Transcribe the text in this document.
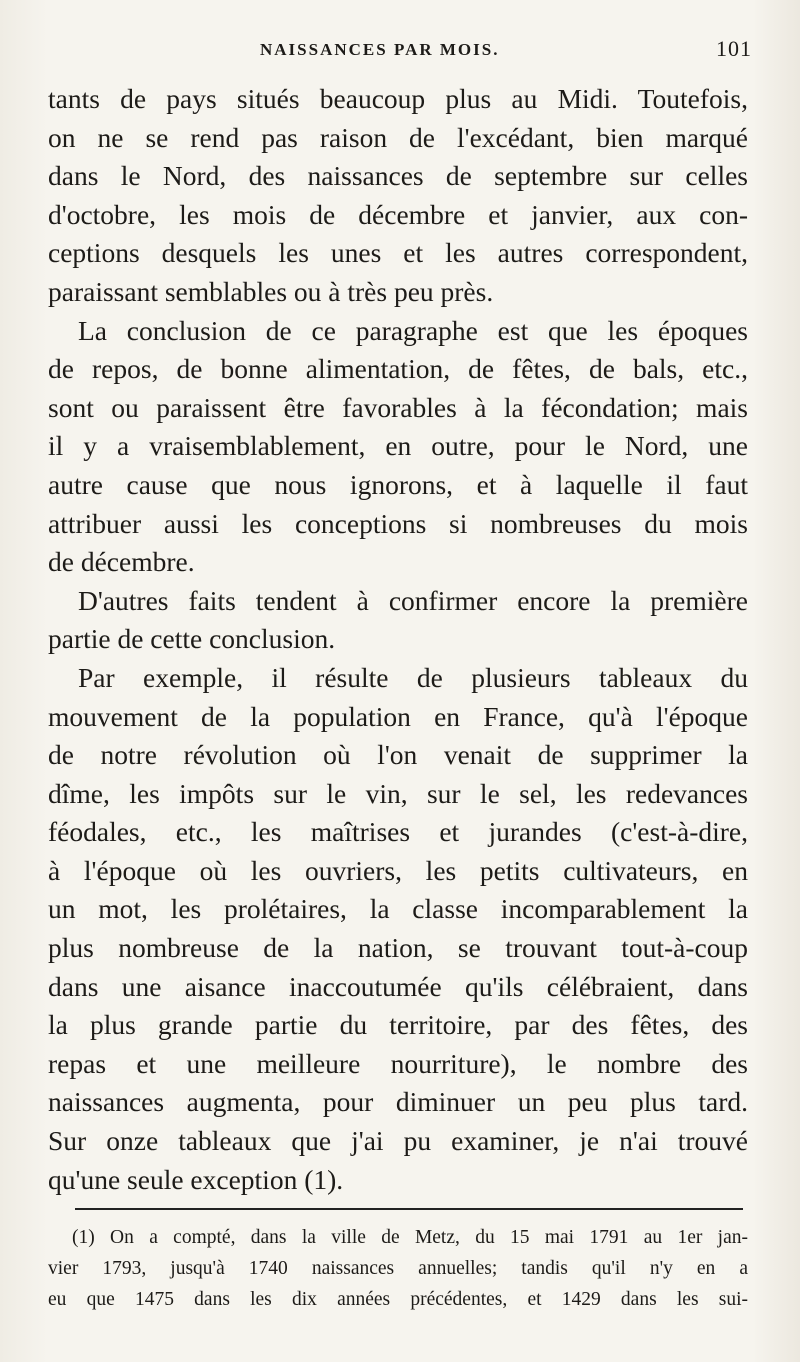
NAISSANCES PAR MOIS.	101
tants de pays situés beaucoup plus au Midi. Toutefois,
on ne se rend pas raison de l'excédant, bien marqué
dans le Nord, des naissances de septembre sur celles
d'octobre, les mois de décembre et janvier, aux con-
ceptions desquels les unes et les autres correspondent,
paraissant semblables ou à très peu près.
La conclusion de ce paragraphe est que les époques
de repos, de bonne alimentation, de fêtes, de bals, etc.,
sont ou paraissent être favorables à la fécondation; mais
il y a vraisemblablement, en outre, pour le Nord, une
autre cause que nous ignorons, et à laquelle il faut
attribuer aussi les conceptions si nombreuses du mois
de décembre.
D'autres faits tendent à confirmer encore la première
partie de cette conclusion.
Par exemple, il résulte de plusieurs tableaux du
mouvement de la population en France, qu'à l'époque
de notre révolution où l'on venait de supprimer la
dîme, les impôts sur le vin, sur le sel, les redevances
féodales, etc., les maîtrises et jurandes (c'est-à-dire,
à l'époque où les ouvriers, les petits cultivateurs, en
un mot, les prolétaires, la classe incomparablement la
plus nombreuse de la nation, se trouvant tout-à-coup
dans une aisance inaccoutumée qu'ils célébraient, dans
la plus grande partie du territoire, par des fêtes, des
repas et une meilleure nourriture), le nombre des
naissances augmenta, pour diminuer un peu plus tard.
Sur onze tableaux que j'ai pu examiner, je n'ai trouvé
qu'une seule exception (1).
(1) On a compté, dans la ville de Metz, du 15 mai 1791 au 1er jan-
vier 1793, jusqu'à 1740 naissances annuelles; tandis qu'il n'y en a
eu que 1475 dans les dix années précédentes, et 1429 dans les sui-
